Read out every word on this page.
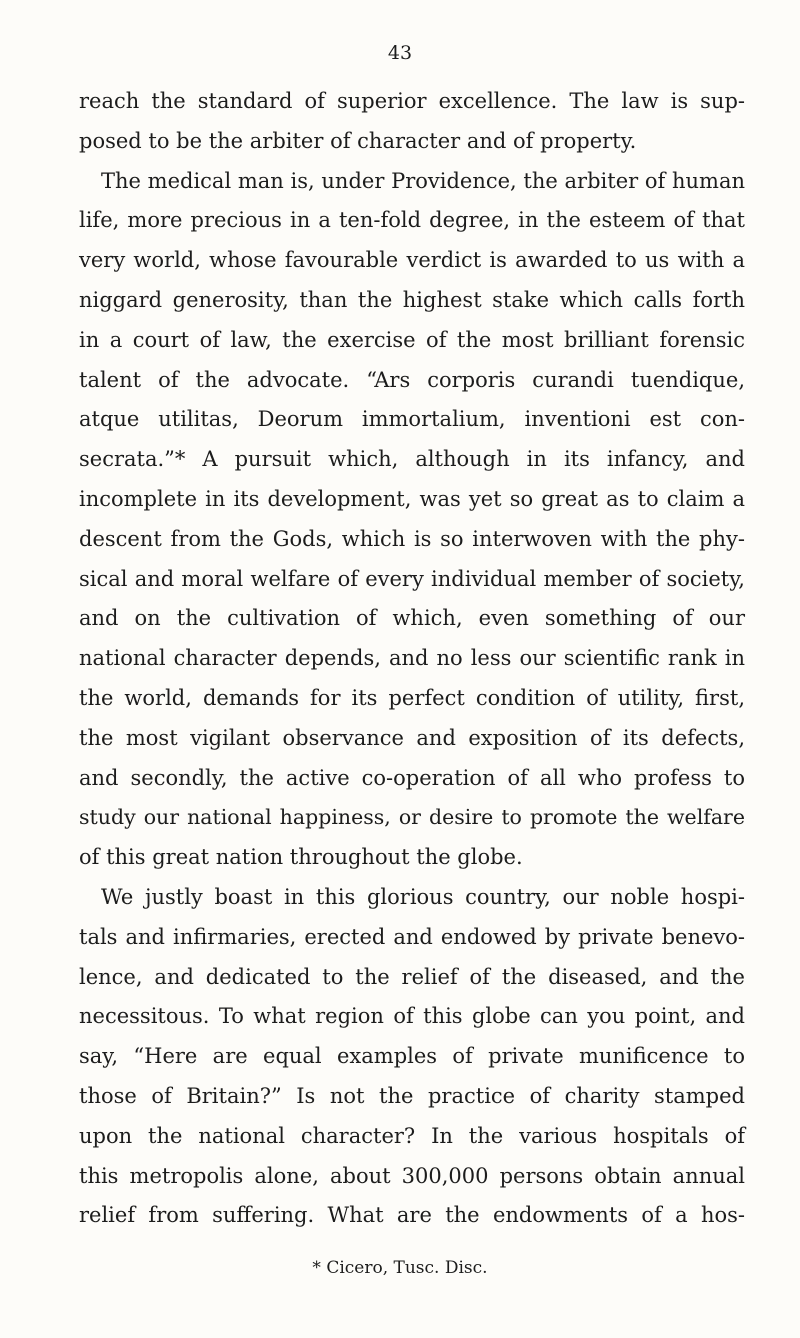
43
reach the standard of superior excellence. The law is sup-
posed to be the arbiter of character and of property.
The medical man is, under Providence, the arbiter of human
life, more precious in a ten-fold degree, in the esteem of that
very world, whose favourable verdict is awarded to us with a
niggard generosity, than the highest stake which calls forth
in a court of law, the exercise of the most brilliant forensic
talent of the advocate. “Ars corporis curandi tuendique,
atque utilitas, Deorum immortalium, inventioni est con-
secrata.”* A pursuit which, although in its infancy, and
incomplete in its development, was yet so great as to claim a
descent from the Gods, which is so interwoven with the phy-
sical and moral welfare of every individual member of society,
and on the cultivation of which, even something of our
national character depends, and no less our scientific rank in
the world, demands for its perfect condition of utility, first,
the most vigilant observance and exposition of its defects,
and secondly, the active co-operation of all who profess to
study our national happiness, or desire to promote the welfare
of this great nation throughout the globe.
We justly boast in this glorious country, our noble hospi-
tals and infirmaries, erected and endowed by private benevo-
lence, and dedicated to the relief of the diseased, and the
necessitous. To what region of this globe can you point, and
say, “Here are equal examples of private munificence to
those of Britain?” Is not the practice of charity stamped
upon the national character? In the various hospitals of
this metropolis alone, about 300,000 persons obtain annual
relief from suffering. What are the endowments of a hos-
* Cicero, Tusc. Disc.
